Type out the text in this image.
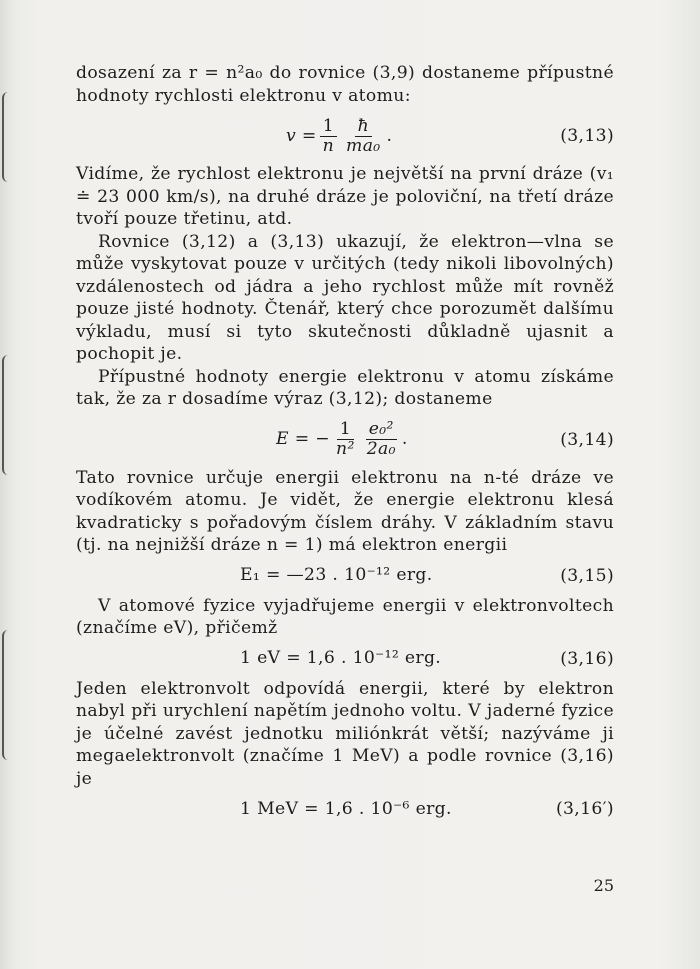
dosazení za r = n²a₀ do rovnice (3,9) dostaneme přípustné hodnoty rychlosti elektronu v atomu:

$v = \frac{1}{n} \frac{ħ}{\text{ma₀}}$ .	(3,13)

Vidíme, že rychlost elektronu je největší na první dráze (v₁ ≐ 23 000 km/s), na druhé dráze je poloviční, na třetí dráze tvoří pouze třetinu, atd.

Rovnice (3,12) a (3,13) ukazují, že elektron—vlna se může vyskytovat pouze v určitých (tedy nikoli libovolných) vzdálenostech od jádra a jeho rychlost může mít rovněž pouze jisté hodnoty. Čtenář, který chce porozumět dalšímu výkladu, musí si tyto skutečnosti důkladně ujasnit a pochopit je.

Přípustné hodnoty energie elektronu v atomu získáme tak, že za r dosadíme výraz (3,12); dostaneme

E = − $\frac{1}{\text{n²}} \frac{\text{e₀²}}{\text{2a₀}}$ .	(3,14)

Tato rovnice určuje energii elektronu na n-té dráze ve vodíkovém atomu. Je vidět, že energie elektronu klesá kvadraticky s pořadovým číslem dráhy. V základním stavu (tj. na nejnižší dráze n = 1) má elektron energii

E₁ = —23 . 10⁻¹² erg.	(3,15)

V atomové fyzice vyjadřujeme energii v elektronvoltech (značíme eV), přičemž

1 eV = 1,6 . 10⁻¹² erg.	(3,16)

Jeden elektronvolt odpovídá energii, které by elektron nabyl při urychlení napětím jednoho voltu. V jaderné fyzice je účelné zavést jednotku miliónkrát větší; nazýváme ji megaelektronvolt (značíme 1 MeV) a podle rovnice (3,16) je

1 MeV = 1,6 . 10⁻⁶ erg.	(3,16′)
25
